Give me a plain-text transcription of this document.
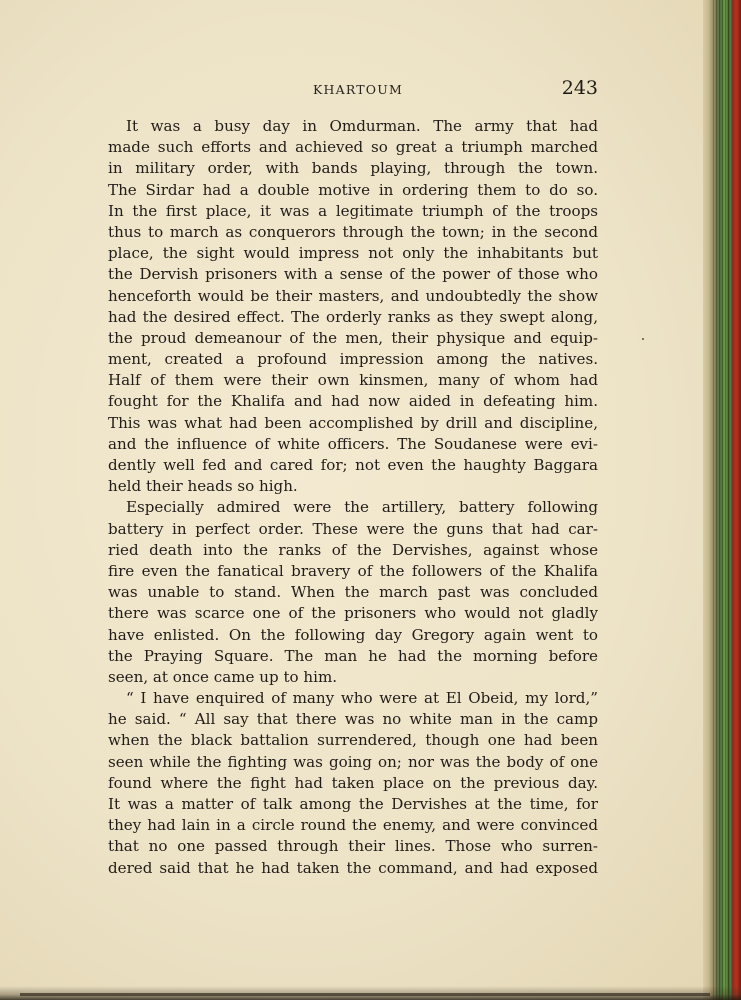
KHARTOUM	243
It was a busy day in Omdurman. The army that had
made such efforts and achieved so great a triumph marched
in military order, with bands playing, through the town.
The Sirdar had a double motive in ordering them to do so.
In the first place, it was a legitimate triumph of the troops
thus to march as conquerors through the town; in the second
place, the sight would impress not only the inhabitants but
the Dervish prisoners with a sense of the power of those who
henceforth would be their masters, and undoubtedly the show
had the desired effect. The orderly ranks as they swept along,
the proud demeanour of the men, their physique and equip-
ment, created a profound impression among the natives.
Half of them were their own kinsmen, many of whom had
fought for the Khalifa and had now aided in defeating him.
This was what had been accomplished by drill and discipline,
and the influence of white officers. The Soudanese were evi-
dently well fed and cared for; not even the haughty Baggara
held their heads so high.
Especially admired were the artillery, battery following
battery in perfect order. These were the guns that had car-
ried death into the ranks of the Dervishes, against whose
fire even the fanatical bravery of the followers of the Khalifa
was unable to stand. When the march past was concluded
there was scarce one of the prisoners who would not gladly
have enlisted. On the following day Gregory again went to
the Praying Square. The man he had the morning before
seen, at once came up to him.
“ I have enquired of many who were at El Obeid, my lord,”
he said. “ All say that there was no white man in the camp
when the black battalion surrendered, though one had been
seen while the fighting was going on; nor was the body of one
found where the fight had taken place on the previous day.
It was a matter of talk among the Dervishes at the time, for
they had lain in a circle round the enemy, and were convinced
that no one passed through their lines. Those who surren-
dered said that he had taken the command, and had exposed
